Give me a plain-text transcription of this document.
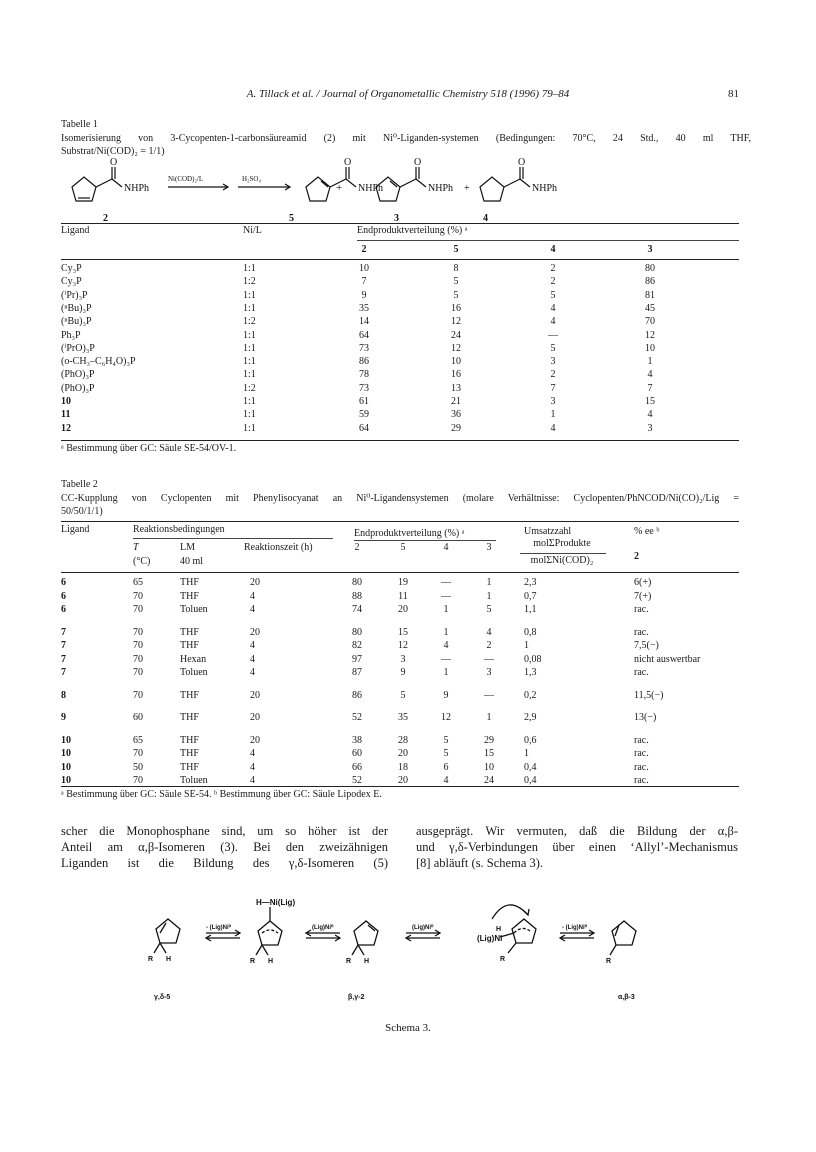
A. Tillack et al. / Journal of Organometallic Chemistry 518 (1996) 79–84	81
Tabelle 1
Isomerisierung von 3-Cycopenten-1-carbonsäureamid (2) mit Ni⁰-Liganden-systemen (Bedingungen: 70°C, 24 Std., 40 ml THF,
Substrat/Ni(COD)₂ = 1/1)
O	O	O	O
NHPh	NHPh	NHPh	NHPh
+
Ni(COD)₂/L	H₂SO₄
2	5	3	4
+
Ligand	Ni/L	Endproduktverteilung (%) ᵃ
2	5	4	3
Cy₃P	1:1	10	8	2	80
Cy₃P	1:2	7	5	2	86
(ⁱPr)₃P	1:1	9	5	5	81
(ⁿBu)₃P	1:1	35	16	4	45
(ⁿBu)₃P	1:2	14	12	4	70
Ph₃P	1:1	64	24	—	12
(ⁱPrO)₃P	1:1	73	12	5	10
(o-CH₃–C₆H₄O)₃P	1:1	86	10	3	1
(PhO)₃P	1:1	78	16	2	4
(PhO)₃P	1:2	73	13	7	7
10	1:1	61	21	3	15
11	1:1	59	36	1	4
12	1:1	64	29	4	3
ᵃ Bestimmung über GC: Säule SE-54/OV-1.
Tabelle 2
CC-Kupplung von Cyclopenten mit Phenylisocyanat an Ni⁰-Ligandensystemen (molare Verhältnisse: Cyclopenten/PhNCOD/Ni(CO)₂/Lig =
50/50/1/1)
Ligand	Reaktionsbedingungen	Endproduktverteilung (%) ᵃ	Umsatzzahl
molΣProdukte
molΣNi(COD)₂
% ee ᵇ
2
T
(°C)
LM
40 ml
Reaktionszeit (h)	2	5	4	3
6	65	THF	20	80	19	—	1	2,3	6(+)
6	70	THF	4	88	11	—	1	0,7	7(+)
6	70	Toluen	4	74	20	1	5	1,1	rac.
7	70	THF	20	80	15	1	4	0,8	rac.
7	70	THF	4	82	12	4	2	1	7,5(−)
7	70	Hexan	4	97	3	—	—	0,08	nicht auswertbar
7	70	Toluen	4	87	9	1	3	1,3	rac.
8	70	THF	20	86	5	9	—	0,2	11,5(−)
9	60	THF	20	52	35	12	1	2,9	13(−)
10	65	THF	20	38	28	5	29	0,6	rac.
10	70	THF	4	60	20	5	15	1	rac.
10	50	THF	4	66	18	6	10	0,4	rac.
10	70	Toluen	4	52	20	4	24	0,4	rac.
ᵃ Bestimmung über GC: Säule SE-54. ᵇ Bestimmung über GC: Säule Lipodex E.
scher die Monophosphane sind, um so höher ist der
Anteil am α,β-Isomeren (3). Bei den zweizähnigen
Liganden ist die Bildung des γ,δ-Isomeren (5)
ausgeprägt. Wir vermuten, daß die Bildung der α,β-
und γ,δ-Verbindungen über einen ‘Allyl’-Mechanismus
[8] abläuft (s. Schema 3).
H—Ni(Lig)
- (Lig)Ni⁰	(Lig)Ni⁰	(Lig)Ni⁰	- (Lig)Ni⁰
(Lig)Ni
H
R H	R H	R H	R	R
γ,δ-5	β,γ-2	α,β-3
Schema 3.
